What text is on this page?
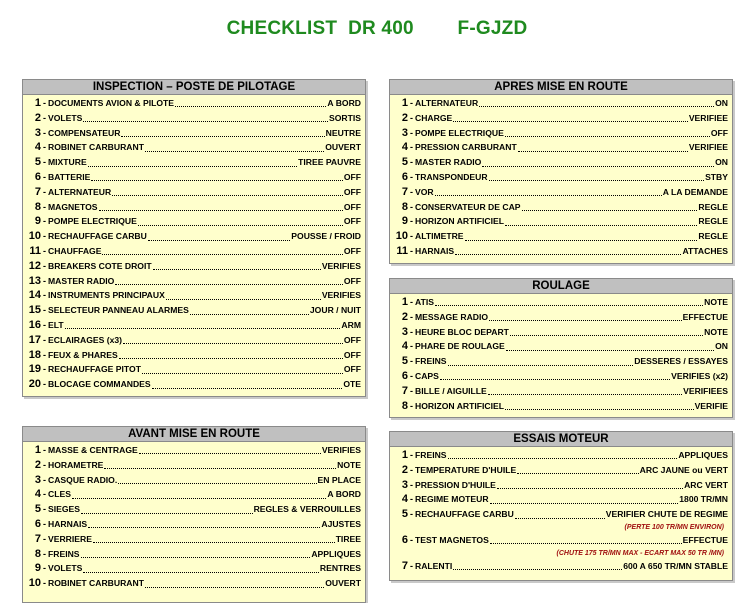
CHECKLIST  DR 400        F-GJZD
INSPECTION – POSTE DE PILOTAGE
1 - DOCUMENTS AVION & PILOTE	A BORD
2 - VOLETS	SORTIS
3 - COMPENSATEUR	NEUTRE
4 - ROBINET CARBURANT	OUVERT
5 - MIXTURE	TIREE PAUVRE
6 - BATTERIE	OFF
7 - ALTERNATEUR	OFF
8 - MAGNETOS	OFF
9 - POMPE ELECTRIQUE	OFF
10 - RECHAUFFAGE CARBU	POUSSE / FROID
11 - CHAUFFAGE	OFF
12 - BREAKERS COTE DROIT	VERIFIES
13 - MASTER RADIO	OFF
14 - INSTRUMENTS PRINCIPAUX	VERIFIES
15 - SELECTEUR PANNEAU ALARMES	JOUR / NUIT
16 - ELT	ARM
17 - ECLAIRAGES (x3)	OFF
18 - FEUX & PHARES	OFF
19 - RECHAUFFAGE PITOT	OFF
20 - BLOCAGE COMMANDES	OTE
AVANT MISE EN ROUTE
1 - MASSE & CENTRAGE	VERIFIES
2 - HORAMETRE	NOTE
3 - CASQUE RADIO.	EN PLACE
4 - CLES	A BORD
5 - SIEGES	REGLES & VERROUILLES
6 - HARNAIS	AJUSTES
7 - VERRIERE	TIREE
8 - FREINS	APPLIQUES
9 - VOLETS	RENTRES
10 - ROBINET CARBURANT	OUVERT
APRES MISE EN ROUTE
1 - ALTERNATEUR	ON
2 - CHARGE	VERIFIEE
3 - POMPE ELECTRIQUE	OFF
4 - PRESSION CARBURANT	VERIFIEE
5 - MASTER RADIO	ON
6 - TRANSPONDEUR	STBY
7 - VOR	A LA DEMANDE
8 - CONSERVATEUR DE CAP	REGLE
9 - HORIZON ARTIFICIEL	REGLE
10 - ALTIMETRE	REGLE
11 - HARNAIS	ATTACHES
ROULAGE
1 - ATIS	NOTE
2 - MESSAGE RADIO	EFFECTUE
3 - HEURE BLOC DEPART	NOTE
4 - PHARE DE ROULAGE	ON
5 - FREINS	DESSERES / ESSAYES
6 - CAPS	VERIFIES (x2)
7 - BILLE / AIGUILLE	VERIFIEES
8 - HORIZON ARTIFICIEL	VERIFIE
ESSAIS MOTEUR
1 - FREINS	APPLIQUES
2 - TEMPERATURE D'HUILE	ARC JAUNE ou VERT
3 - PRESSION D'HUILE	ARC VERT
4 - REGIME MOTEUR	1800 TR/MN
5 - RECHAUFFAGE CARBU	VERIFIER CHUTE DE REGIME
(PERTE 100 TR/MN ENVIRON)
6 - TEST MAGNETOS	EFFECTUE
(CHUTE 175 TR/MN MAX - ECART MAX 50 TR /MN)
7 - RALENTI	600 A 650 TR/MN STABLE
